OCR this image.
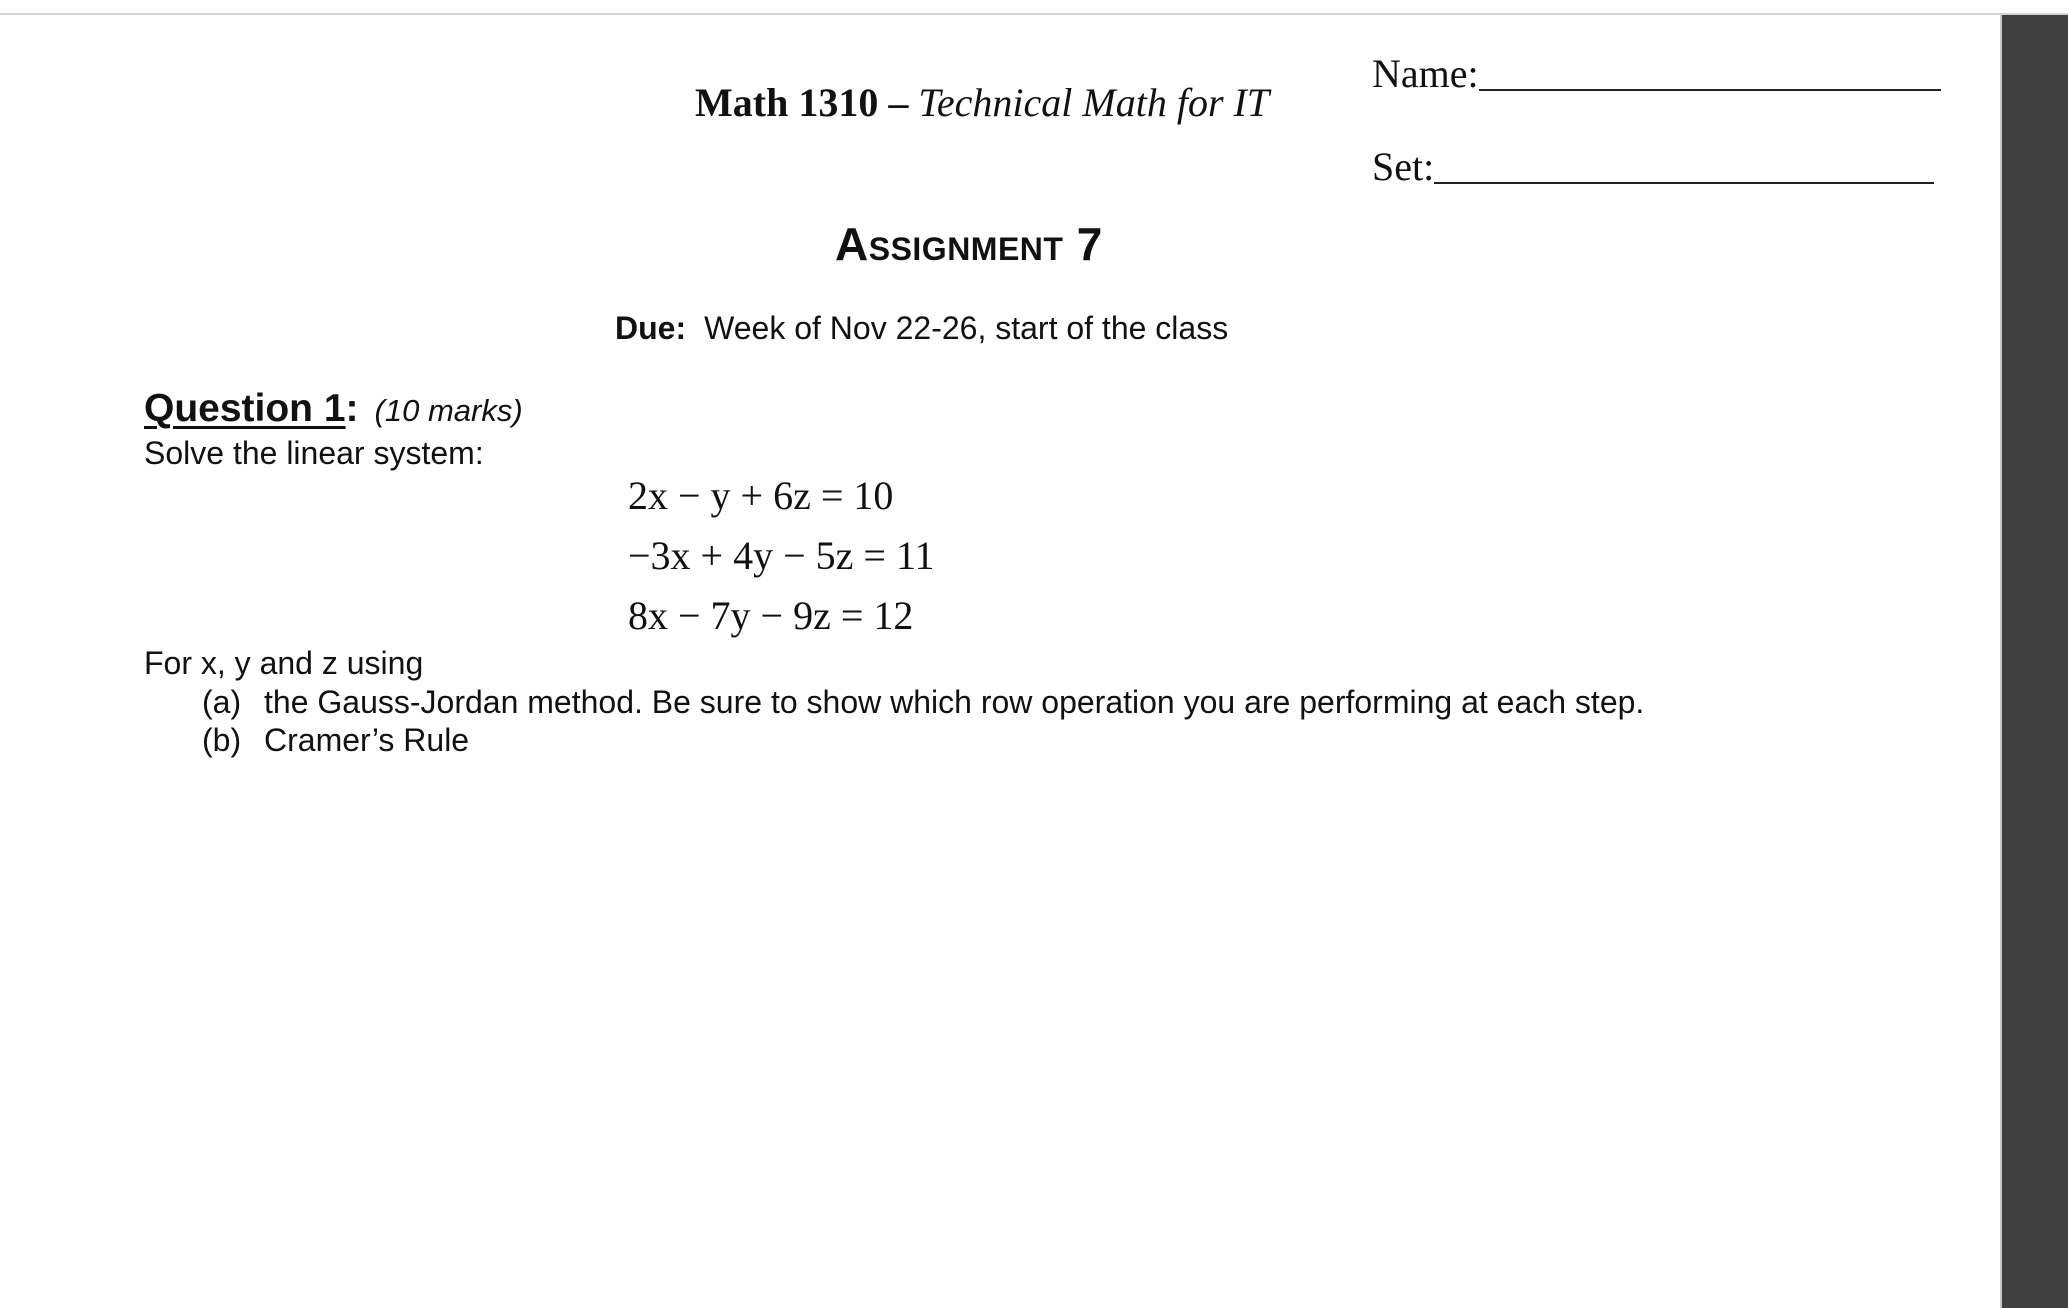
Math 1310 – Technical Math for IT
Name:
Set:
Assignment 7
Due: Week of Nov 22-26, start of the class
Question 1: (10 marks)
Solve the linear system:
2x − y + 6z = 10
−3x + 4y − 5z = 11
8x − 7y − 9z = 12
For x, y and z using
(a) the Gauss-Jordan method. Be sure to show which row operation you are performing at each step.
(b) Cramer’s Rule
